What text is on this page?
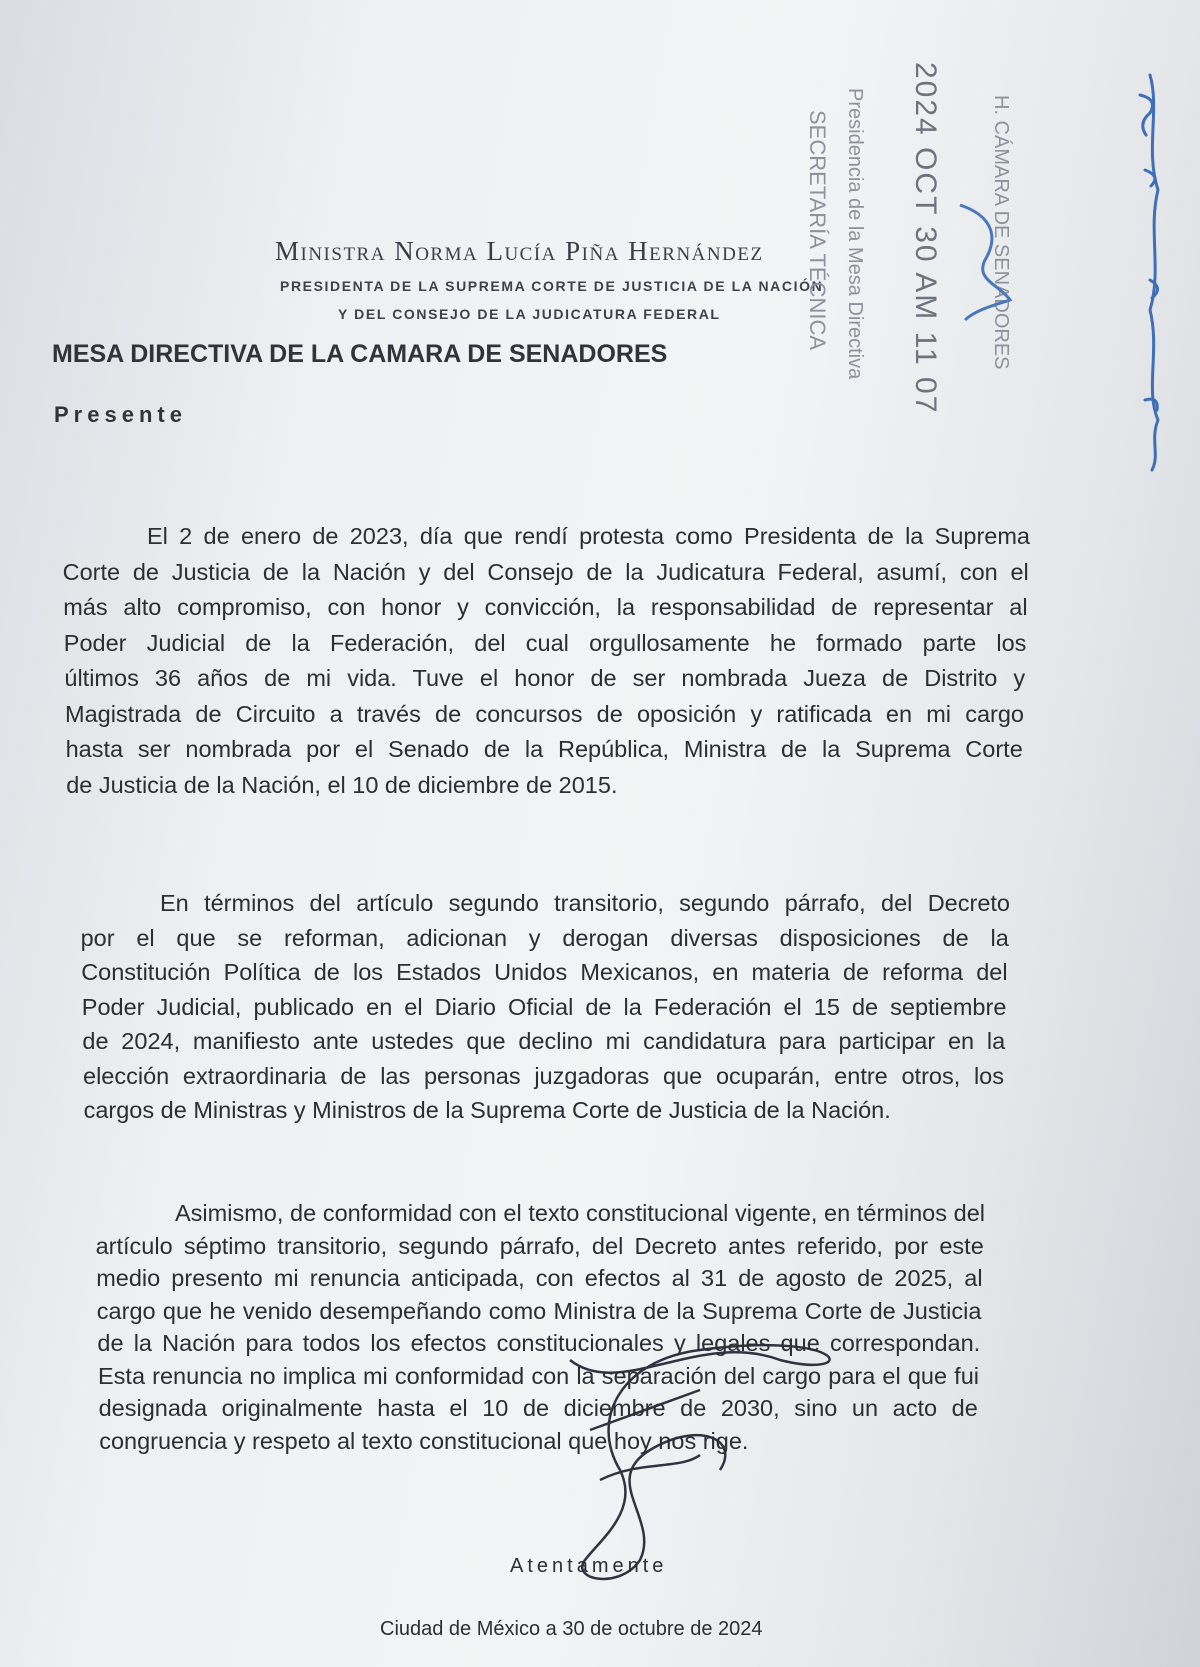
Ministra Norma Lucía Piña Hernández
PRESIDENTA DE LA SUPREMA CORTE DE JUSTICIA DE LA NACIÓN
Y DEL CONSEJO DE LA JUDICATURA FEDERAL
MESA DIRECTIVA DE LA CAMARA DE SENADORES
Presente
H. CÁMARA DE SENADORES
2024 OCT 30 AM 11 07
Presidencia de la Mesa Directiva
SECRETARÍA TÉCNICA
El 2 de enero de 2023, día que rendí protesta como Presidenta de la Suprema
Corte de Justicia de la Nación y del Consejo de la Judicatura Federal, asumí, con el
más alto compromiso, con honor y convicción, la responsabilidad de representar al
Poder Judicial de la Federación, del cual orgullosamente he formado parte los
últimos 36 años de mi vida. Tuve el honor de ser nombrada Jueza de Distrito y
Magistrada de Circuito a través de concursos de oposición y ratificada en mi cargo
hasta ser nombrada por el Senado de la República, Ministra de la Suprema Corte
de Justicia de la Nación, el 10 de diciembre de 2015.
En términos del artículo segundo transitorio, segundo párrafo, del Decreto
por el que se reforman, adicionan y derogan diversas disposiciones de la
Constitución Política de los Estados Unidos Mexicanos, en materia de reforma del
Poder Judicial, publicado en el Diario Oficial de la Federación el 15 de septiembre
de 2024, manifiesto ante ustedes que declino mi candidatura para participar en la
elección extraordinaria de las personas juzgadoras que ocuparán, entre otros, los
cargos de Ministras y Ministros de la Suprema Corte de Justicia de la Nación.
Asimismo, de conformidad con el texto constitucional vigente, en términos del
artículo séptimo transitorio, segundo párrafo, del Decreto antes referido, por este
medio presento mi renuncia anticipada, con efectos al 31 de agosto de 2025, al
cargo que he venido desempeñando como Ministra de la Suprema Corte de Justicia
de la Nación para todos los efectos constitucionales y legales que correspondan.
Esta renuncia no implica mi conformidad con la separación del cargo para el que fui
designada originalmente hasta el 10 de diciembre de 2030, sino un acto de
congruencia y respeto al texto constitucional que hoy nos rige.
Atentamente
Ciudad de México a 30 de octubre de 2024
